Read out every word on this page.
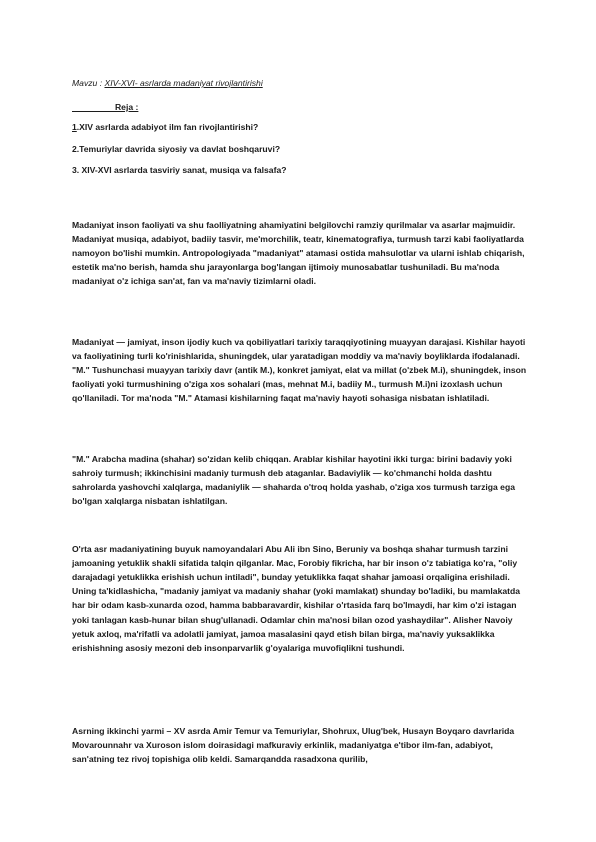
Mavzu : XIV-XVI- asrlarda madaniyat rivojlantirishi
Reja :
1.XIV asrlarda adabiyot ilm fan rivojlantirishi?
2.Temuriylar davrida siyosiy va davlat boshqaruvi?
3. XIV-XVI asrlarda tasviriy sanat, musiqa va falsafa?

Madaniyat inson faoliyati va shu faolliyatning ahamiyatini belgilovchi ramziy qurilmalar va asarlar majmuidir. Madaniyat musiqa, adabiyot, badiiy tasvir, me'morchilik, teatr, kinematografiya, turmush tarzi kabi faoliyatlarda namoyon bo'lishi mumkin. Antropologiyada "madaniyat" atamasi ostida mahsulotlar va ularni ishlab chiqarish, estetik ma'no berish, hamda shu jarayonlarga bog'langan ijtimoiy munosabatlar tushuniladi. Bu ma'noda madaniyat o'z ichiga san'at, fan va ma'naviy tizimlarni oladi.

Madaniyat — jamiyat, inson ijodiy kuch va qobiliyatlari tarixiy taraqqiyotining muayyan darajasi. Kishilar hayoti va faoliyatining turli ko'rinishlarida, shuningdek, ular yaratadigan moddiy va ma'naviy boyliklarda ifodalanadi. "M." Tushunchasi muayyan tarixiy davr (antik M.), konkret jamiyat, elat va millat (o'zbek M.i), shuningdek, inson faoliyati yoki turmushining o'ziga xos sohalari (mas, mehnat M.i, badiiy M., turmush M.i)ni izoxlash uchun qo'llaniladi. Tor ma'noda "M." Atamasi kishilarning faqat ma'naviy hayoti sohasiga nisbatan ishlatiladi.

"M." Arabcha madina (shahar) so'zidan kelib chiqqan. Arablar kishilar hayotini ikki turga: birini badaviy yoki sahroiy turmush; ikkinchisini madaniy turmush deb ataganlar. Badaviylik — ko'chmanchi holda dashtu sahrolarda yashovchi xalqlarga, madaniylik — shaharda o'troq holda yashab, o'ziga xos turmush tarziga ega bo'lgan xalqlarga nisbatan ishlatilgan.

O'rta asr madaniyatining buyuk namoyandalari Abu Ali ibn Sino, Beruniy va boshqa shahar turmush tarzini jamoaning yetuklik shakli sifatida talqin qilganlar. Mac, Forobiy fikricha, har bir inson o'z tabiatiga ko'ra, "oliy darajadagi yetuklikka erishish uchun intiladi", bunday yetuklikka faqat shahar jamoasi orqaligina erishiladi. Uning ta'kidlashicha, "madaniy jamiyat va madaniy shahar (yoki mamlakat) shunday bo'ladiki, bu mamlakatda har bir odam kasb-xunarda ozod, hamma babbaravardir, kishilar o'rtasida farq bo'lmaydi, har kim o'zi istagan yoki tanlagan kasb-hunar bilan shug'ullanadi. Odamlar chin ma'nosi bilan ozod yashaydilar". Alisher Navoiy yetuk axloq, ma'rifatli va adolatli jamiyat, jamoa masalasini qayd etish bilan birga, ma'naviy yuksaklikka erishishning asosiy mezoni deb insonparvarlik g'oyalariga muvofiqlikni tushundi.

Asrning ikkinchi yarmi – XV asrda Amir Temur va Temuriylar, Shohrux, Ulug'bek, Husayn Boyqaro davrlarida Movarounnahr va Xuroson islom doirasidagi mafkuraviy erkinlik, madaniyatga e'tibor ilm-fan, adabiyot, san'atning tez rivoj topishiga olib keldi. Samarqandda rasadxona qurilib,
